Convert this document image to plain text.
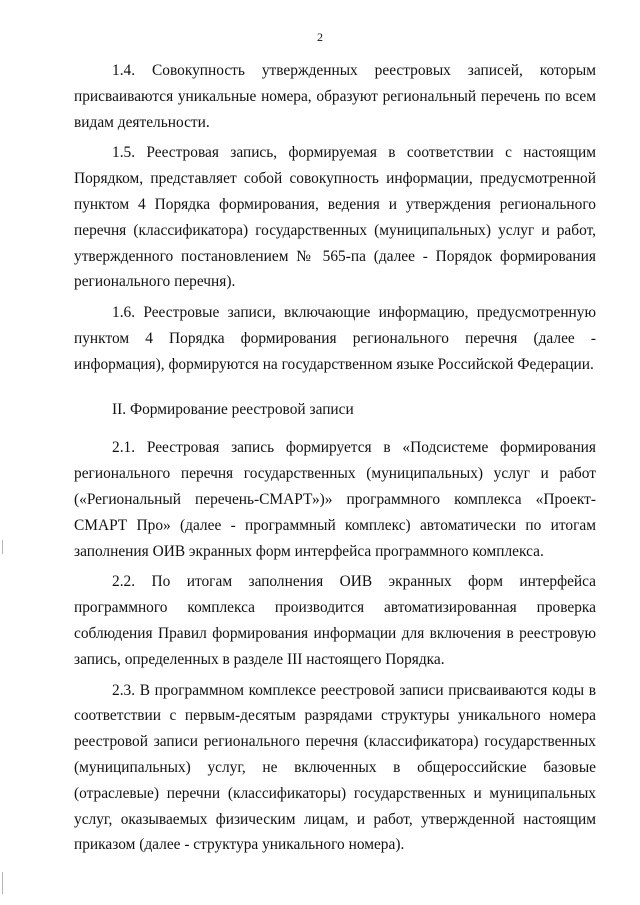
2

1.4. Совокупность утвержденных реестровых записей, которым присваиваются уникальные номера, образуют региональный перечень по всем видам деятельности.

1.5. Реестровая запись, формируемая в соответствии с настоящим Порядком, представляет собой совокупность информации, предусмотренной пунктом 4 Порядка формирования, ведения и утверждения регионального перечня (классификатора) государственных (муниципальных) услуг и работ, утвержденного постановлением № 565-па (далее - Порядок формирования регионального перечня).

1.6. Реестровые записи, включающие информацию, предусмотренную пунктом 4 Порядка формирования регионального перечня (далее - информация), формируются на государственном языке Российской Федерации.

II. Формирование реестровой записи

2.1. Реестровая запись формируется в «Подсистеме формирования регионального перечня государственных (муниципальных) услуг и работ («Региональный перечень-СМАРТ»)» программного комплекса «Проект-СМАРТ Про» (далее - программный комплекс) автоматически по итогам заполнения ОИВ экранных форм интерфейса программного комплекса.

2.2. По итогам заполнения ОИВ экранных форм интерфейса программного комплекса производится автоматизированная проверка соблюдения Правил формирования информации для включения в реестровую запись, определенных в разделе III настоящего Порядка.

2.3. В программном комплексе реестровой записи присваиваются коды в соответствии с первым-десятым разрядами структуры уникального номера реестровой записи регионального перечня (классификатора) государственных (муниципальных) услуг, не включенных в общероссийские базовые (отраслевые) перечни (классификаторы) государственных и муниципальных услуг, оказываемых физическим лицам, и работ, утвержденной настоящим приказом (далее - структура уникального номера).
